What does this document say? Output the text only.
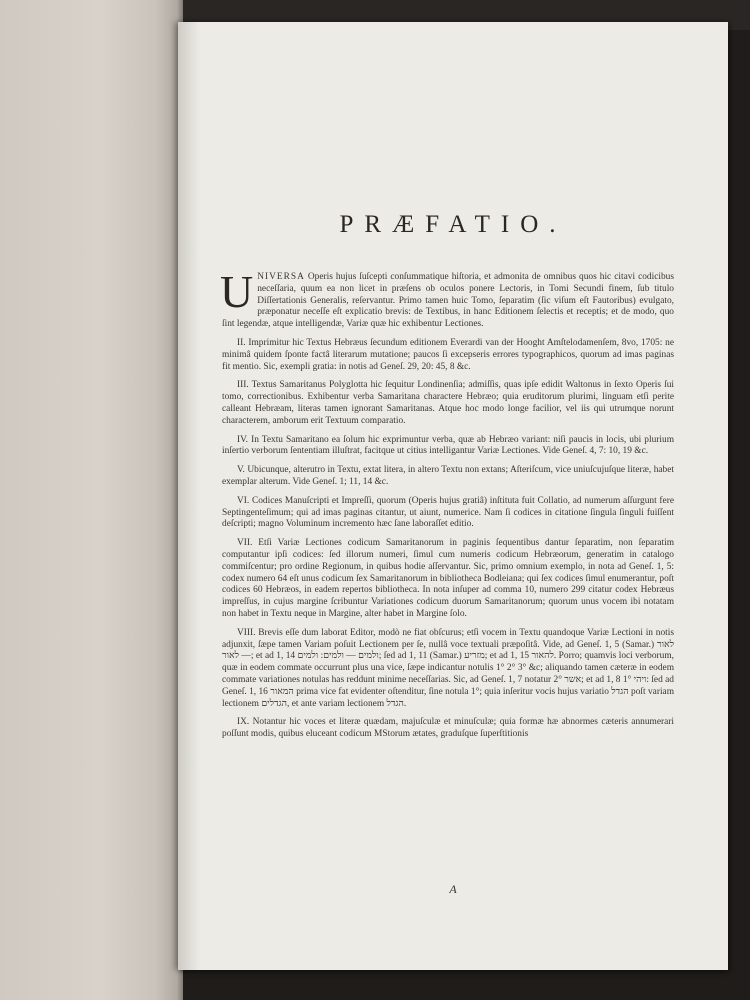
PRÆFATIO.

UNIVERSA Operis hujus ſuſcepti conſummatique hiſtoria, et admonita de omnibus quos hic citavi codicibus neceſſaria, quum ea non licet in præſens ob oculos ponere Lectoris, in Tomi Secundi finem, ſub titulo Diſſertationis Generalis, reſervantur. Primo tamen huic Tomo, ſeparatim (ſic viſum eſt Fautoribus) evulgato, præponatur neceſſe eſt explicatio brevis: de Textibus, in hanc Editionem ſelectis et receptis; et de modo, quo ſint legendæ, atque intelligendæ, Variæ quæ hic exhibentur Lectiones.

II. Imprimitur hic Textus Hebræus ſecundum editionem Everardi van der Hooght Amſtelodamenſem, 8vo, 1705: ne minimâ quidem ſponte factâ literarum mutatione; paucos ſi excepseris errores typographicos, quorum ad imas paginas fit mentio. Sic, exempli gratia: in notis ad Geneſ. 29, 20: 45, 8 &c.

III. Textus Samaritanus Polyglotta hic ſequitur Londinenſia; admiſſis, quas ipſe edidit Waltonus in ſexto Operis ſui tomo, correctionibus. Exhibentur verba Samaritana charactere Hebræo; quia eruditorum plurimi, linguam etſi perite calleant Hebræam, literas tamen ignorant Samaritanas. Atque hoc modo longe facilior, vel iis qui utrumque norunt characterem, amborum erit Textuum comparatio.

IV. In Textu Samaritano ea ſolum hic exprimuntur verba, quæ ab Hebræo variant: niſi paucis in locis, ubi plurium inſertio verborum ſententiam illuſtrat, facitque ut citius intelligantur Variæ Lectiones. Vide Geneſ. 4, 7: 10, 19 &c.

V. Ubicunque, alterutro in Textu, extat litera, in altero Textu non extans; Aſteriſcum, vice uniuſcujuſque literæ, habet exemplar alterum. Vide Geneſ. 1; 11, 14 &c.

VI. Codices Manuſcripti et Impreſſi, quorum (Operis hujus gratiâ) inſtituta fuit Collatio, ad numerum aſſurgunt fere Septingenteſimum; qui ad imas paginas citantur, ut aiunt, numerice. Nam ſi codices in citatione ſingula ſinguli fuiſſent deſcripti; magno Voluminum incremento hæc ſane laboraſſet editio.

VII. Etſi Variæ Lectiones codicum Samaritanorum in paginis ſequentibus dantur ſeparatim, non ſeparatim computantur ipſi codices: ſed illorum numeri, ſimul cum numeris codicum Hebræorum, generatim in catalogo commiſcentur; pro ordine Regionum, in quibus hodie aſſervantur. Sic, primo omnium exemplo, in nota ad Geneſ. 1, 5: codex numero 64 eſt unus codicum ſex Samaritanorum in bibliotheca Bodleiana; qui ſex codices ſimul enumerantur, poſt codices 60 Hebræos, in eadem repertos bibliotheca. In nota inſuper ad comma 10, numero 299 citatur codex Hebræus impreſſus, in cujus margine ſcribuntur Variationes codicum duorum Samaritanorum; quorum unus vocem ibi notatam non habet in Textu neque in Margine, alter habet in Margine ſolo.

VIII. Brevis eſſe dum laborat Editor, modò ne fiat obſcurus; etſi vocem in Textu quandoque Variæ Lectioni in notis adjunxit, ſæpe tamen Variam poſuit Lectionem per ſe, nullâ voce textuali præpoſitâ. Vide, ad Geneſ. 1, 5 (Samar.) לאור — לאור; et ad 1, 14 ולמים — ולמים: ולמים; ſed ad 1, 11 (Samar.) מזריע; et ad 1, 15 להאור. Porro; quamvis loci verborum, quæ in eodem commate occurrunt plus una vice, ſæpe indicantur notulis 1° 2° 3° &c; aliquando tamen cæteræ in eodem commate variationes notulas has reddunt minime neceſſarias. Sic, ad Geneſ. 1, 7 notatur אשר 2°; et ad 1, 8 ויהי 1°: ſed ad Geneſ. 1, 16 המאור prima vice fat evidenter oſtenditur, ſine notula 1°; quia inſeritur vocis hujus variatio הגדל poſt variam lectionem הגדלים, et ante variam lectionem הגדל.

IX. Notantur hic voces et literæ quædam, majuſculæ et minuſculæ; quia formæ hæ abnormes cæteris annumerari poſſunt modis, quibus eluceant codicum MStorum ætates, graduſque ſuperſtitionis

A
